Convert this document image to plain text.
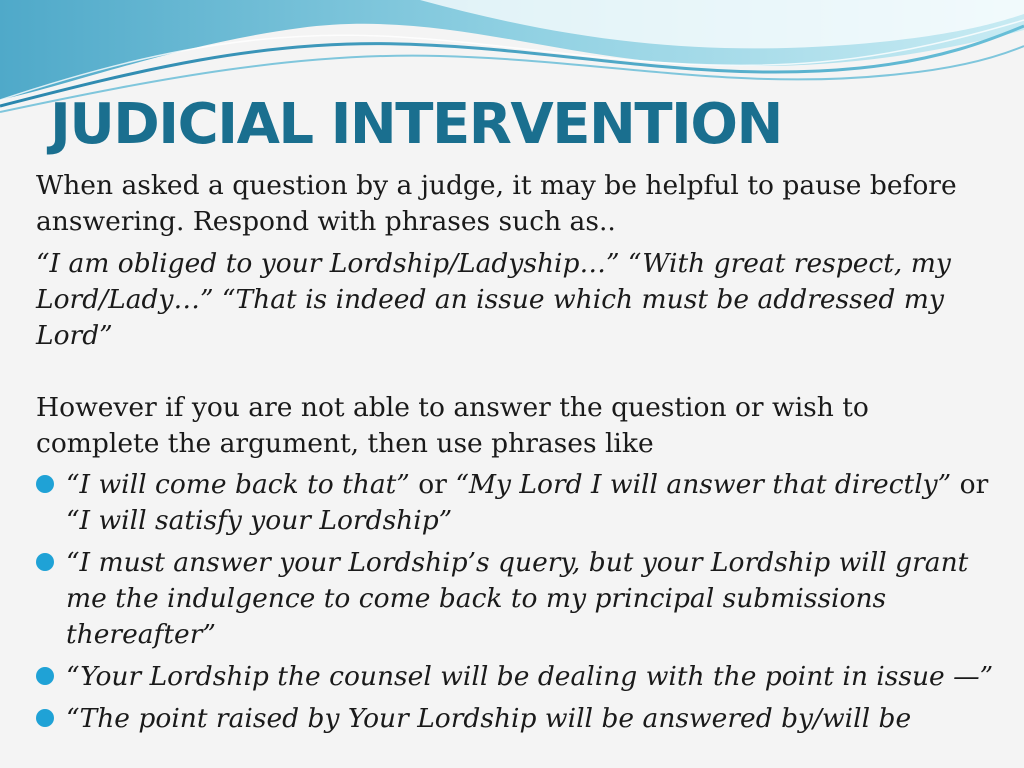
JUDICIAL INTERVENTION

When asked a question by a judge, it may be helpful to pause before answering. Respond with phrases such as..

“I am obliged to your Lordship/Ladyship…” “With great respect, my Lord/Lady…” “That is indeed an issue which must be addressed my Lord”

However if you are not able to answer the question or wish to complete the argument, then use phrases like

“I will come back to that” or “My Lord I will answer that directly” or “I will satisfy your Lordship”
“I must answer your Lordship’s query, but your Lordship will grant me the indulgence to come back to my principal submissions thereafter”
“Your Lordship the counsel will be dealing with the point in issue —”
“The point raised by Your Lordship will be answered by/will be
